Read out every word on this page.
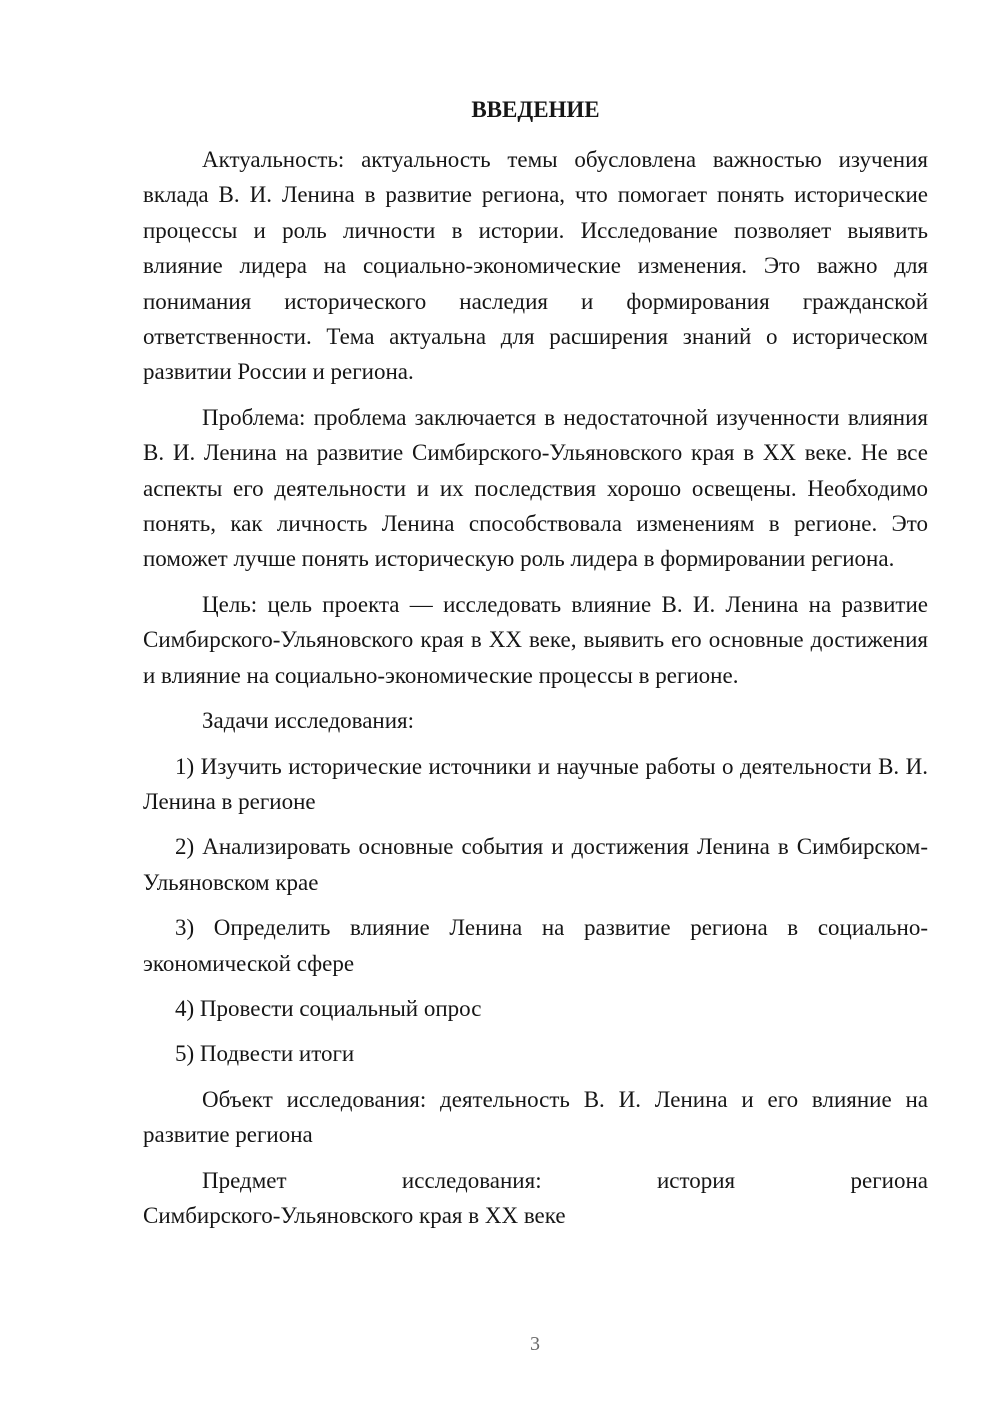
ВВЕДЕНИЕ

Актуальность: актуальность темы обусловлена важностью изучения вклада В. И. Ленина в развитие региона, что помогает понять исторические процессы и роль личности в истории. Исследование позволяет выявить влияние лидера на социально-экономические изменения. Это важно для понимания исторического наследия и формирования гражданской ответственности. Тема актуальна для расширения знаний о историческом развитии России и региона.

Проблема: проблема заключается в недостаточной изученности влияния В. И. Ленина на развитие Симбирского-Ульяновского края в XX веке. Не все аспекты его деятельности и их последствия хорошо освещены. Необходимо понять, как личность Ленина способствовала изменениям в регионе. Это поможет лучше понять историческую роль лидера в формировании региона.

Цель: цель проекта — исследовать влияние В. И. Ленина на развитие Симбирского-Ульяновского края в XX веке, выявить его основные достижения и влияние на социально-экономические процессы в регионе.

Задачи исследования:

1) Изучить исторические источники и научные работы о деятельности В. И. Ленина в регионе

2) Анализировать основные события и достижения Ленина в Симбирском-Ульяновском крае

3) Определить влияние Ленина на развитие региона в социально-экономической сфере

4) Провести социальный опрос

5) Подвести итоги

Объект исследования: деятельность В. И. Ленина и его влияние на развитие региона

Предмет	исследования:	история	региона

Симбирского-Ульяновского края в XX веке

3
